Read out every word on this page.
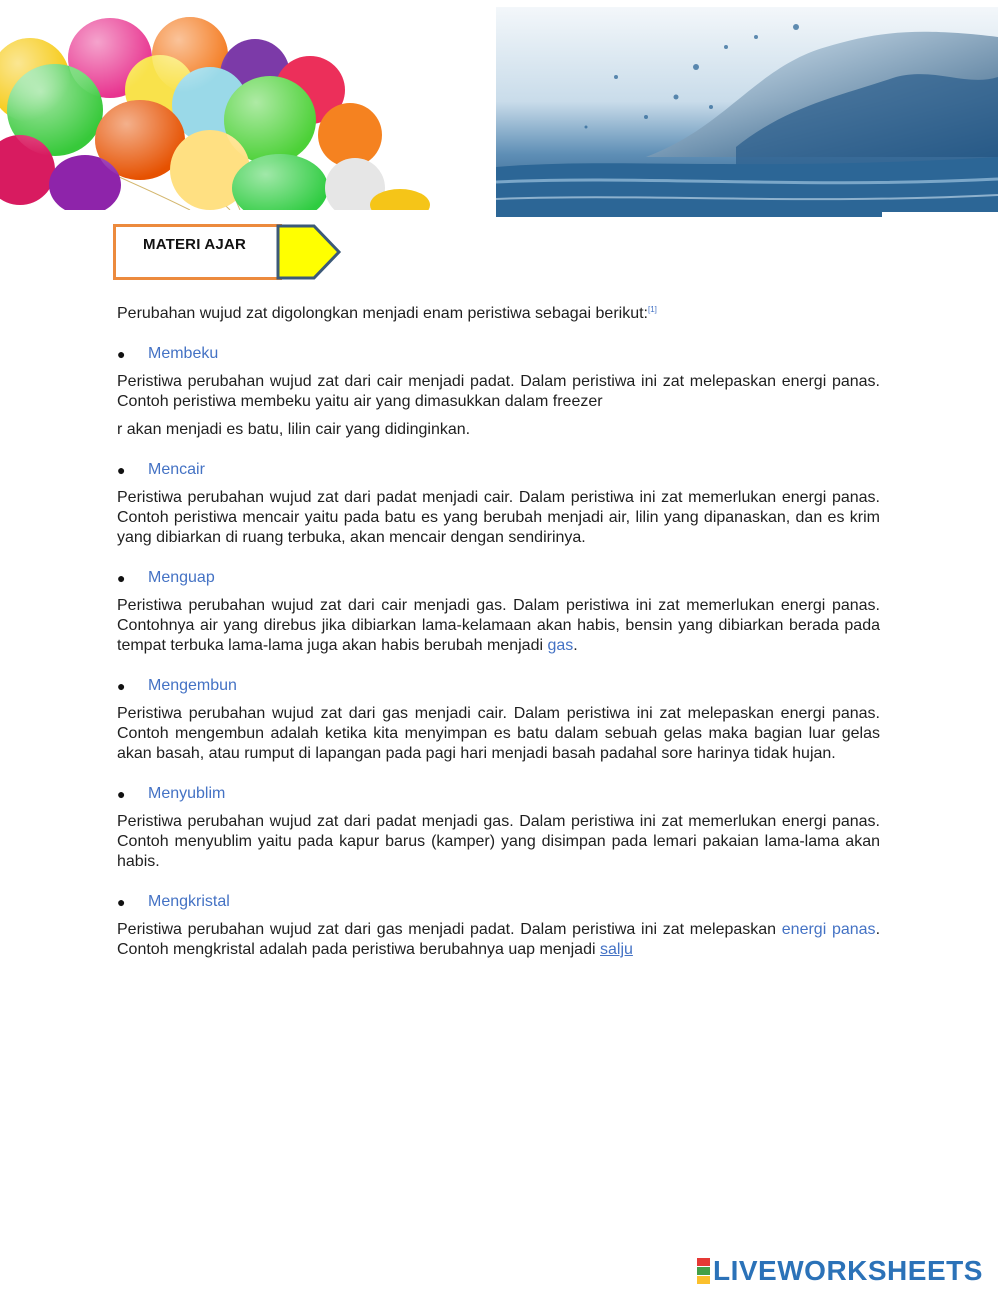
MATERI AJAR

Perubahan wujud zat digolongkan menjadi enam peristiwa sebagai berikut:[1]

●	Membeku

Peristiwa perubahan wujud zat dari cair menjadi padat. Dalam peristiwa ini zat melepaskan energi panas. Contoh peristiwa membeku yaitu air yang dimasukkan dalam freezer

r akan menjadi es batu, lilin cair yang didinginkan.

●	Mencair

Peristiwa perubahan wujud zat dari padat menjadi cair. Dalam peristiwa ini zat memerlukan energi panas. Contoh peristiwa mencair yaitu pada batu es yang berubah menjadi air, lilin yang dipanaskan, dan es krim yang dibiarkan di ruang terbuka, akan mencair dengan sendirinya.

●	Menguap

Peristiwa perubahan wujud zat dari cair menjadi gas. Dalam peristiwa ini zat memerlukan energi panas. Contohnya air yang direbus jika dibiarkan lama-kelamaan akan habis, bensin yang dibiarkan berada pada tempat terbuka lama-lama juga akan habis berubah menjadi gas.

●	Mengembun

Peristiwa perubahan wujud zat dari gas menjadi cair. Dalam peristiwa ini zat melepaskan energi panas. Contoh mengembun adalah ketika kita menyimpan es batu dalam sebuah gelas maka bagian luar gelas akan basah, atau rumput di lapangan pada pagi hari menjadi basah padahal sore harinya tidak hujan.

●	Menyublim

Peristiwa perubahan wujud zat dari padat menjadi gas. Dalam peristiwa ini zat memerlukan energi panas. Contoh menyublim yaitu pada kapur barus (kamper) yang disimpan pada lemari pakaian lama-lama akan habis.

●	Mengkristal

Peristiwa perubahan wujud zat dari gas menjadi padat. Dalam peristiwa ini zat melepaskan energi panas. Contoh mengkristal adalah pada peristiwa berubahnya uap menjadi salju

LIVEWORKSHEETS
